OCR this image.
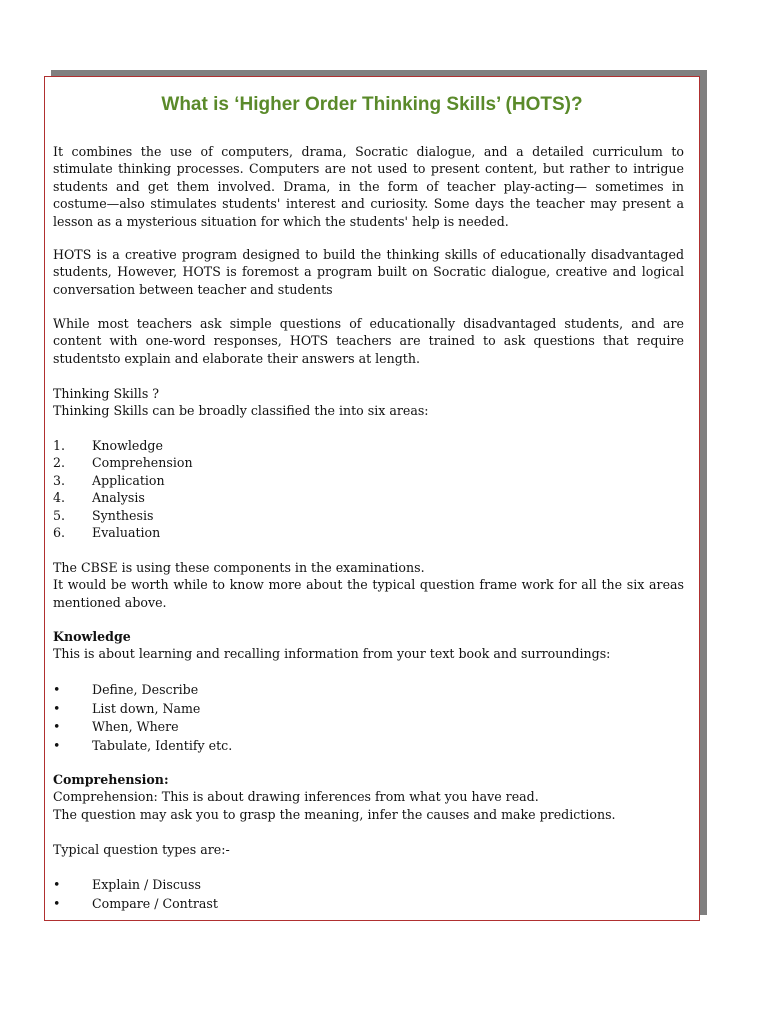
What is ‘Higher Order Thinking Skills’ (HOTS)?

It combines the use of computers, drama, Socratic dialogue, and a detailed curriculum to stimulate thinking processes. Computers are not used to present content, but rather to intrigue students and get them involved. Drama, in the form of teacher play-acting— sometimes in costume—also stimulates students' interest and curiosity. Some days the teacher may present a lesson as a mysterious situation for which the students' help is needed.

HOTS is a creative program designed to build the thinking skills of educationally disadvantaged students, However, HOTS is foremost a program built on Socratic dialogue, creative and logical conversation between teacher and students

While most teachers ask simple questions of educationally disadvantaged students, and are content with one-word responses, HOTS teachers are trained to ask questions that require studentsto explain and elaborate their answers at length.

Thinking Skills ?

Thinking Skills can be broadly classified the into six areas:

1.	Knowledge
2.	Comprehension
3.	Application
4.	Analysis
5.	Synthesis
6.	Evaluation

The CBSE is using these components in the examinations.

It would be worth while to know more about the typical question frame work for all the six areas mentioned above.

Knowledge

This is about learning and recalling information from your text book and surroundings:

•	Define, Describe
•	List down, Name
•	When, Where
•	Tabulate, Identify etc.

Comprehension:

Comprehension: This is about drawing inferences from what you have read.

The question may ask you to grasp the meaning, infer the causes and make predictions.

Typical question types are:-

•	Explain / Discuss
•	Compare / Contrast
